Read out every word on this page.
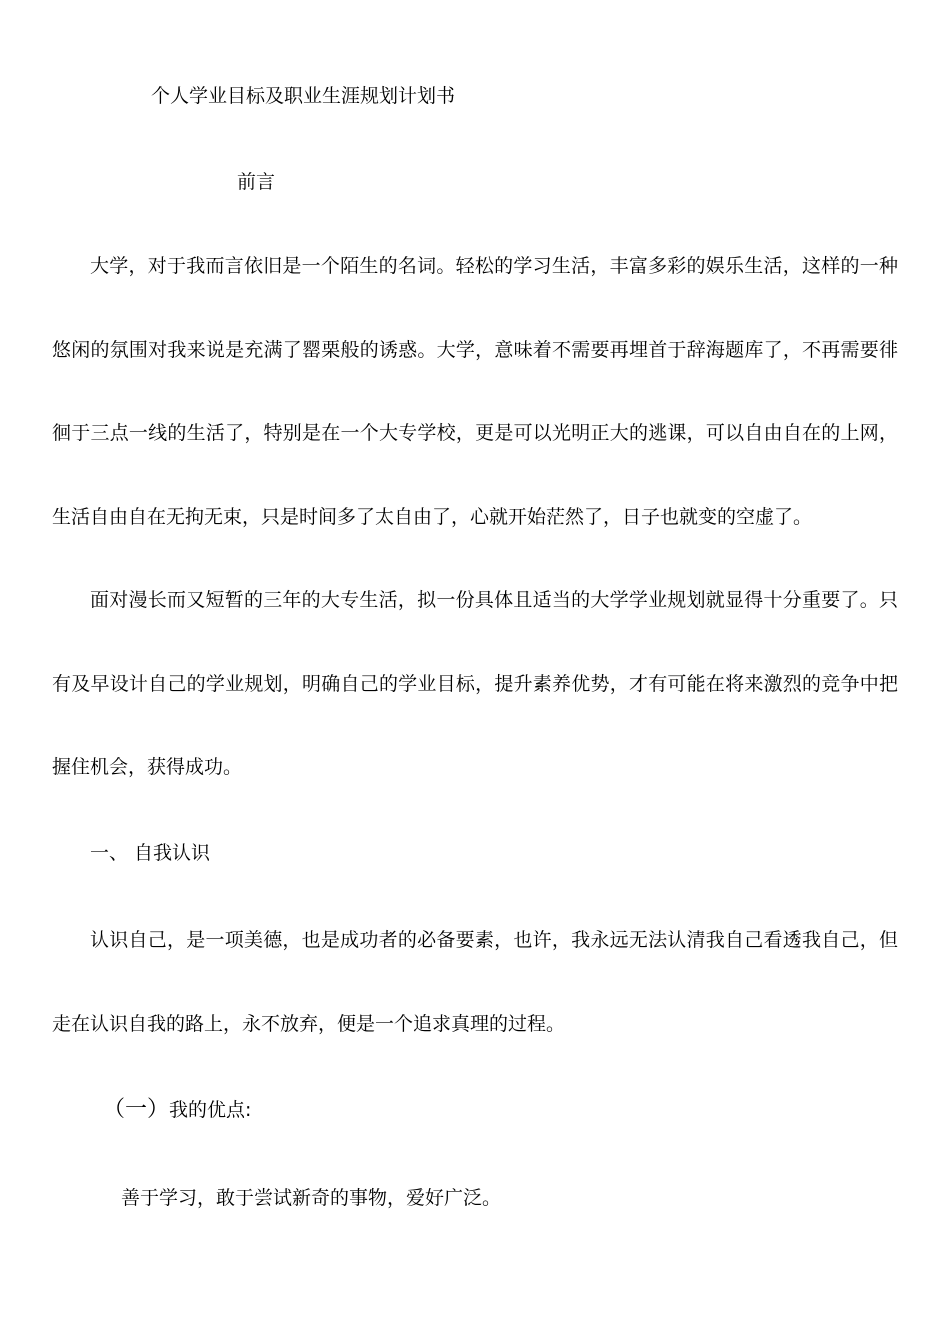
个人学业目标及职业生涯规划计划书
前言

大学，对于我而言依旧是一个陌生的名词。轻松的学习生活，丰富多彩的娱乐生活，这样的一种悠闲的氛围对我来说是充满了罂栗般的诱惑。大学，意味着不需要再埋首于辞海题库了，不再需要徘徊于三点一线的生活了，特别是在一个大专学校，更是可以光明正大的逃课，可以自由自在的上网，生活自由自在无拘无束，只是时间多了太自由了，心就开始茫然了，日子也就变的空虚了。

面对漫长而又短暂的三年的大专生活，拟一份具体且适当的大学学业规划就显得十分重要了。只有及早设计自己的学业规划，明确自己的学业目标，提升素养优势，才有可能在将来激烈的竞争中把握住机会，获得成功。

一、 自我认识

认识自己，是一项美德，也是成功者的必备要素，也许，我永远无法认清我自己看透我自己，但走在认识自我的路上，永不放弃，便是一个追求真理的过程。

（一）我的优点:
善于学习，敢于尝试新奇的事物，爱好广泛。
